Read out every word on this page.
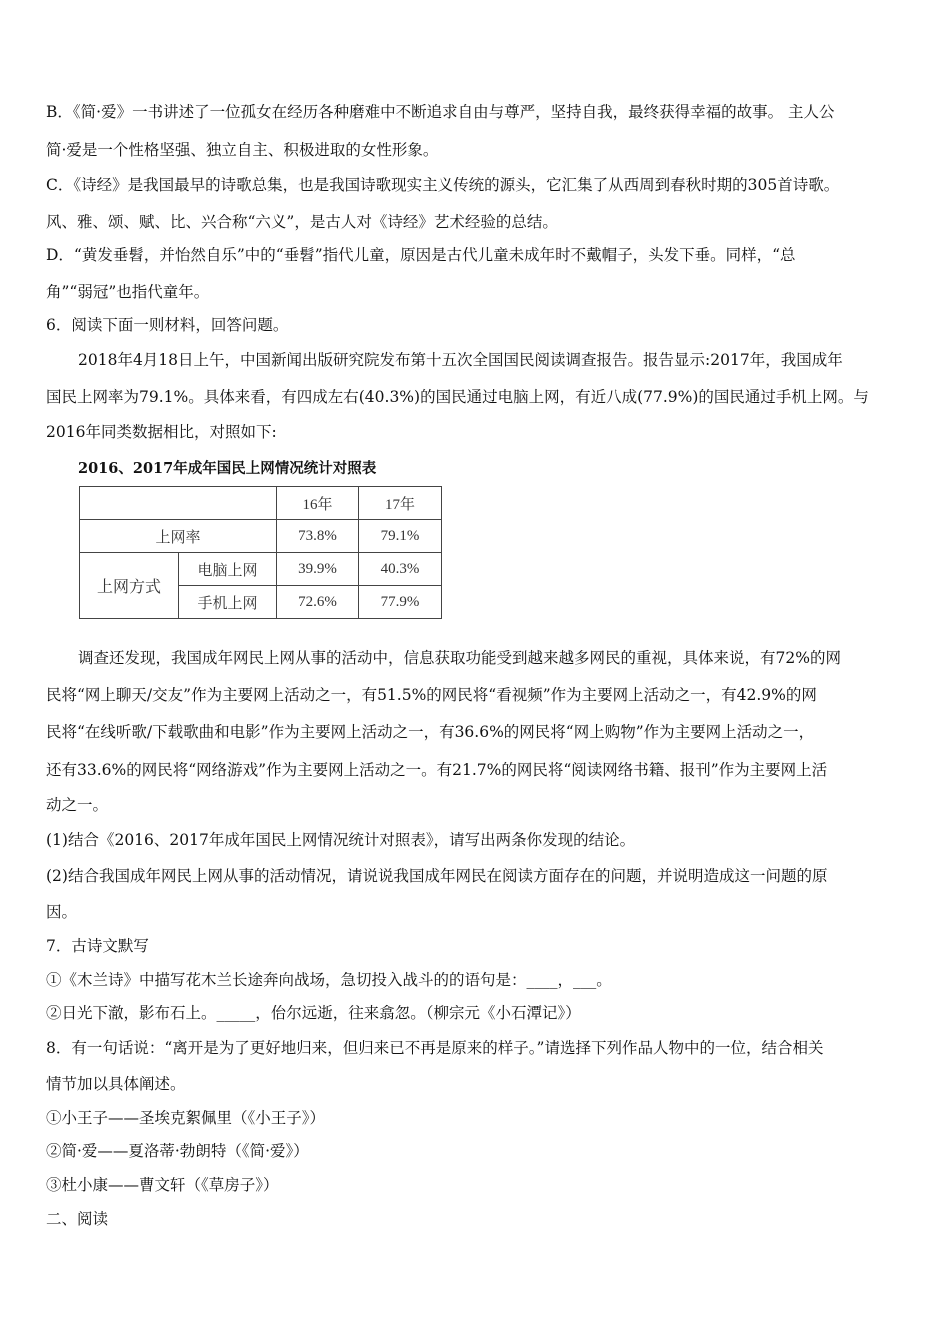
B．《简·爱》一书讲述了一位孤女在经历各种磨难中不断追求自由与尊严，坚持自我，最终获得幸福的故事。 主人公
简·爱是一个性格坚强、独立自主、积极进取的女性形象。
C．《诗经》是我国最早的诗歌总集，也是我国诗歌现实主义传统的源头，它汇集了从西周到春秋时期的305首诗歌。
风、雅、颂、赋、比、兴合称“六义”，是古人对《诗经》艺术经验的总结。
D．“黄发垂髫，并怡然自乐”中的“垂髫”指代儿童，原因是古代儿童未成年时不戴帽子，头发下垂。同样，“总
角”“弱冠”也指代童年。
6．阅读下面一则材料，回答问题。
2018年4月18日上午，中国新闻出版研究院发布第十五次全国国民阅读调查报告。报告显示:2017年，我国成年
国民上网率为79.1%。具体来看，有四成左右(40.3%)的国民通过电脑上网，有近八成(77.9%)的国民通过手机上网。与
2016年同类数据相比，对照如下:
2016、2017年成年国民上网情况统计对照表
		16年	17年
上网率		73.8%	79.1%
上网方式	电脑上网	39.9%	40.3%
	手机上网	72.6%	77.9%
调查还发现，我国成年网民上网从事的活动中，信息获取功能受到越来越多网民的重视，具体来说，有72%的网
民将“网上聊天/交友”作为主要网上活动之一，有51.5%的网民将“看视频”作为主要网上活动之一，有42.9%的网
民将“在线听歌/下载歌曲和电影”作为主要网上活动之一，有36.6%的网民将“网上购物”作为主要网上活动之一，
还有33.6%的网民将“网络游戏”作为主要网上活动之一。有21.7%的网民将“阅读网络书籍、报刊”作为主要网上活
动之一。
(1)结合《2016、2017年成年国民上网情况统计对照表》，请写出两条你发现的结论。
(2)结合我国成年网民上网从事的活动情况，请说说我国成年网民在阅读方面存在的问题，并说明造成这一问题的原
因。
7．古诗文默写
①《木兰诗》中描写花木兰长途奔向战场，急切投入战斗的的语句是：____，___。
②日光下澈，影布石上。_____，佁尔远逝，往来翕忽。（柳宗元《小石潭记》）
8．有一句话说：“离开是为了更好地归来，但归来已不再是原来的样子。”请选择下列作品人物中的一位，结合相关
情节加以具体阐述。
①小王子——圣埃克絮佩里（《小王子》）
②简·爱——夏洛蒂·勃朗特（《简·爱》）
③杜小康——曹文轩（《草房子》）
二、阅读
